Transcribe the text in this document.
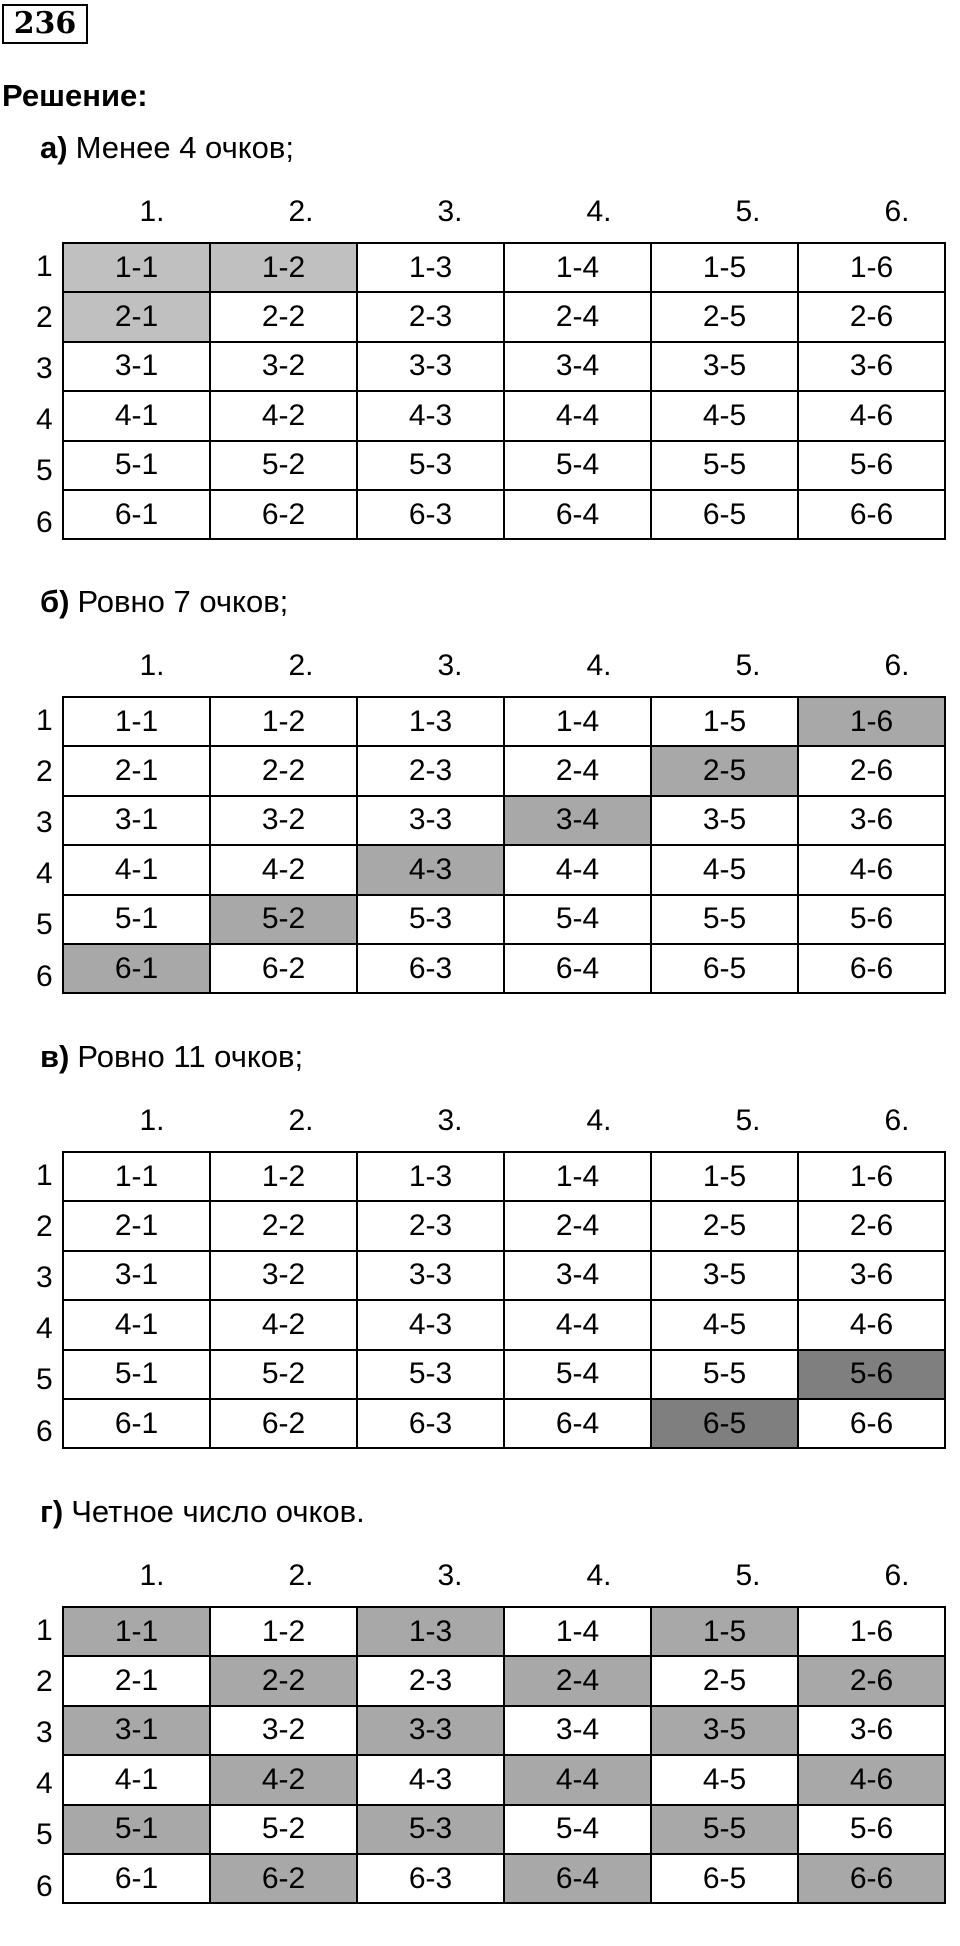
236
Решение:
а) Менее 4 очков;
1.	2.	3.	4.	5.	6.
1
2
3
4
5
6
1-1	1-2	1-3	1-4	1-5	1-6
2-1	2-2	2-3	2-4	2-5	2-6
3-1	3-2	3-3	3-4	3-5	3-6
4-1	4-2	4-3	4-4	4-5	4-6
5-1	5-2	5-3	5-4	5-5	5-6
6-1	6-2	6-3	6-4	6-5	6-6
б) Ровно 7 очков;
1.	2.	3.	4.	5.	6.
1
2
3
4
5
6
1-1	1-2	1-3	1-4	1-5	1-6
2-1	2-2	2-3	2-4	2-5	2-6
3-1	3-2	3-3	3-4	3-5	3-6
4-1	4-2	4-3	4-4	4-5	4-6
5-1	5-2	5-3	5-4	5-5	5-6
6-1	6-2	6-3	6-4	6-5	6-6
в) Ровно 11 очков;
1.	2.	3.	4.	5.	6.
1
2
3
4
5
6
1-1	1-2	1-3	1-4	1-5	1-6
2-1	2-2	2-3	2-4	2-5	2-6
3-1	3-2	3-3	3-4	3-5	3-6
4-1	4-2	4-3	4-4	4-5	4-6
5-1	5-2	5-3	5-4	5-5	5-6
6-1	6-2	6-3	6-4	6-5	6-6
г) Четное число очков.
1.	2.	3.	4.	5.	6.
1
2
3
4
5
6
1-1	1-2	1-3	1-4	1-5	1-6
2-1	2-2	2-3	2-4	2-5	2-6
3-1	3-2	3-3	3-4	3-5	3-6
4-1	4-2	4-3	4-4	4-5	4-6
5-1	5-2	5-3	5-4	5-5	5-6
6-1	6-2	6-3	6-4	6-5	6-6
